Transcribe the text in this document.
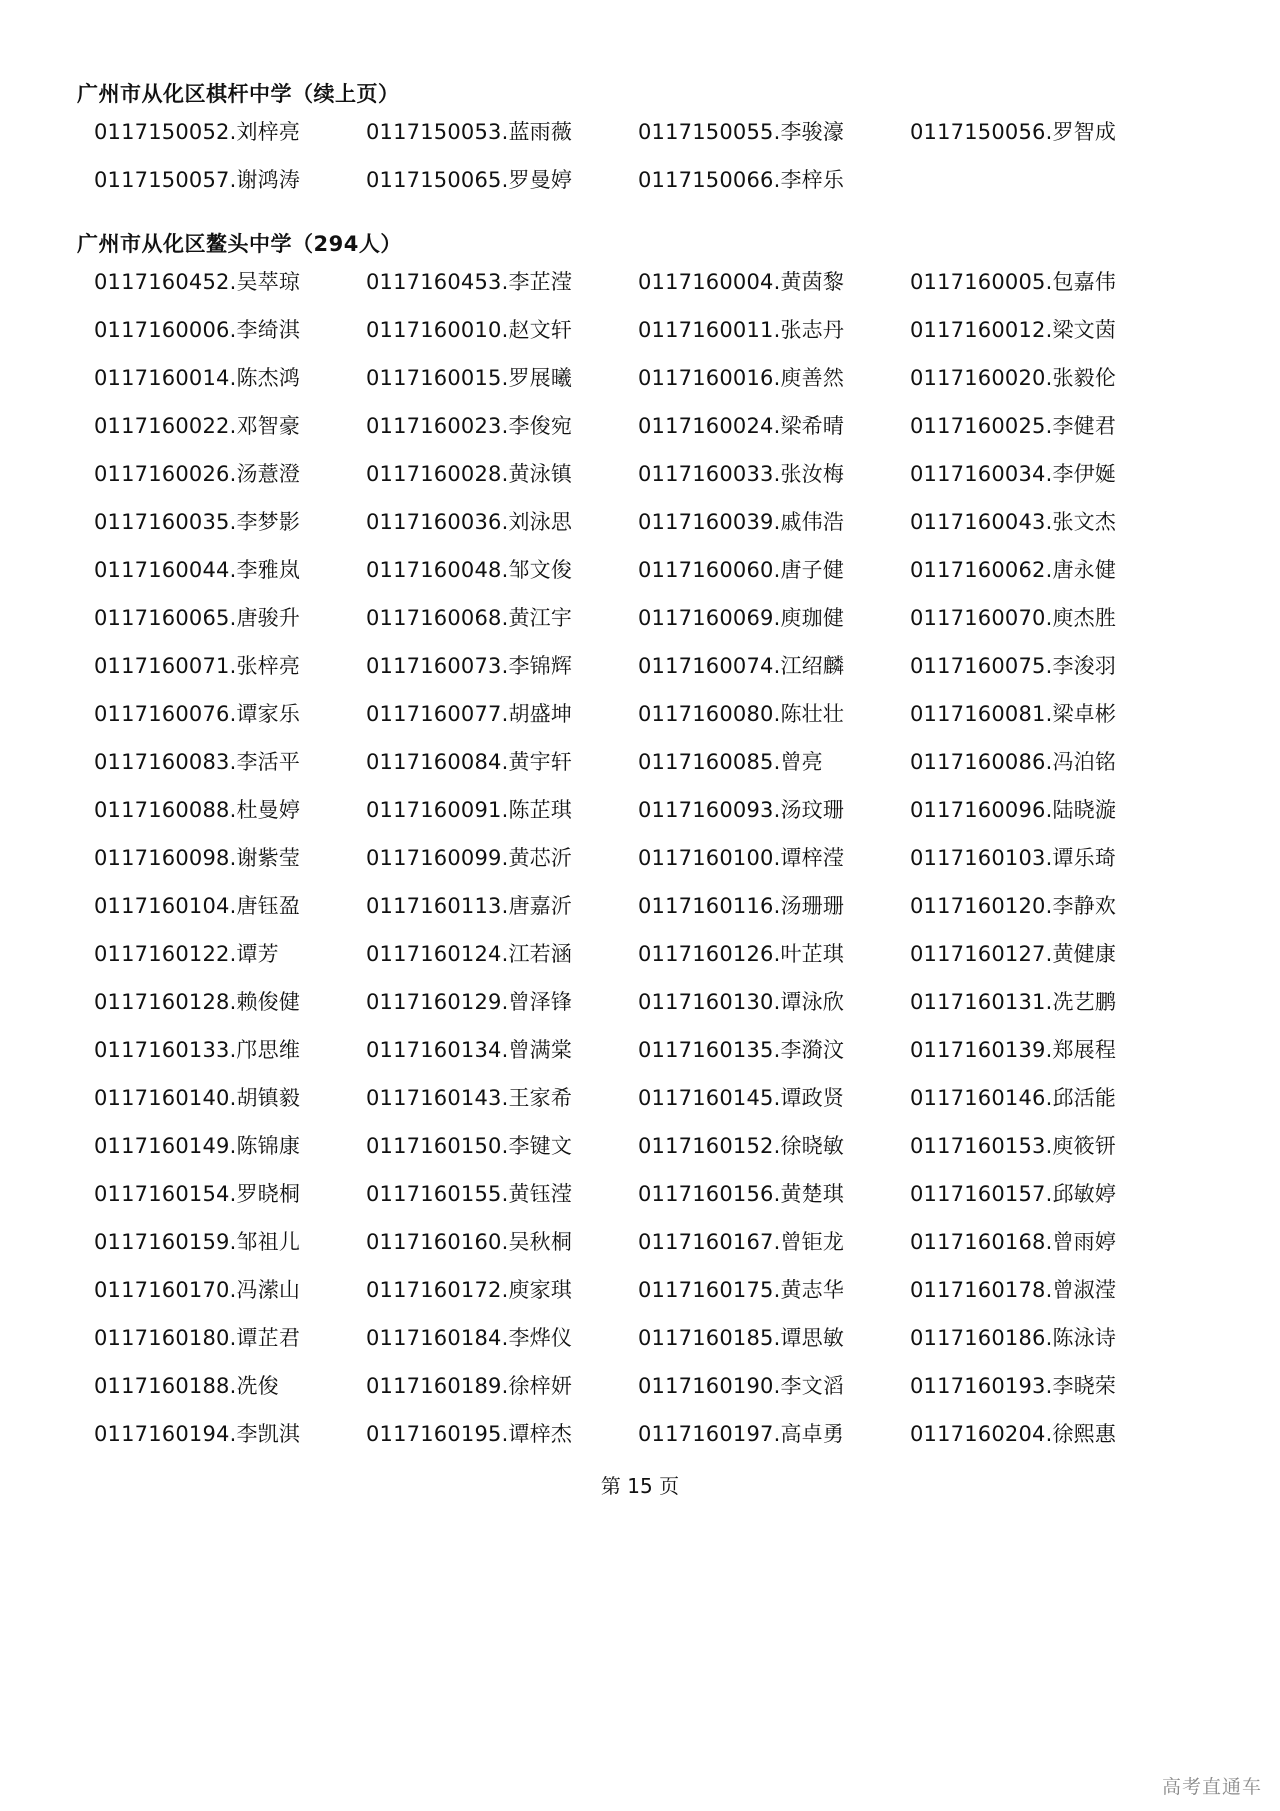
广州市从化区棋杆中学（续上页）
0117150052.刘梓亮	0117150053.蓝雨薇	0117150055.李骏濠	0117150056.罗智成
0117150057.谢鸿涛	0117150065.罗曼婷	0117150066.李梓乐
广州市从化区鳌头中学（294人）
0117160452.吴萃琼	0117160453.李芷滢	0117160004.黄茵黎	0117160005.包嘉伟
0117160006.李绮淇	0117160010.赵文轩	0117160011.张志丹	0117160012.梁文茵
0117160014.陈杰鸿	0117160015.罗展曦	0117160016.庾善然	0117160020.张毅伦
0117160022.邓智豪	0117160023.李俊宛	0117160024.梁希晴	0117160025.李健君
0117160026.汤薏澄	0117160028.黄泳镇	0117160033.张汝梅	0117160034.李伊娫
0117160035.李梦影	0117160036.刘泳思	0117160039.戚伟浩	0117160043.张文杰
0117160044.李雅岚	0117160048.邹文俊	0117160060.唐子健	0117160062.唐永健
0117160065.唐骏升	0117160068.黄江宇	0117160069.庾珈健	0117160070.庾杰胜
0117160071.张梓亮	0117160073.李锦辉	0117160074.江绍麟	0117160075.李浚羽
0117160076.谭家乐	0117160077.胡盛坤	0117160080.陈壮壮	0117160081.梁卓彬
0117160083.李活平	0117160084.黄宇轩	0117160085.曾亮	0117160086.冯泊铭
0117160088.杜曼婷	0117160091.陈芷琪	0117160093.汤玟珊	0117160096.陆晓漩
0117160098.谢紫莹	0117160099.黄芯沂	0117160100.谭梓滢	0117160103.谭乐琦
0117160104.唐钰盈	0117160113.唐嘉沂	0117160116.汤珊珊	0117160120.李静欢
0117160122.谭芳	0117160124.江若涵	0117160126.叶芷琪	0117160127.黄健康
0117160128.赖俊健	0117160129.曾泽锋	0117160130.谭泳欣	0117160131.冼艺鹏
0117160133.邝思维	0117160134.曾满棠	0117160135.李漪汶	0117160139.郑展程
0117160140.胡镇毅	0117160143.王家希	0117160145.谭政贤	0117160146.邱活能
0117160149.陈锦康	0117160150.李键文	0117160152.徐晓敏	0117160153.庾筱钘
0117160154.罗晓桐	0117160155.黄钰滢	0117160156.黄楚琪	0117160157.邱敏婷
0117160159.邹祖儿	0117160160.吴秋桐	0117160167.曾钜龙	0117160168.曾雨婷
0117160170.冯潆山	0117160172.庾家琪	0117160175.黄志华	0117160178.曾淑滢
0117160180.谭芷君	0117160184.李烨仪	0117160185.谭思敏	0117160186.陈泳诗
0117160188.冼俊	0117160189.徐梓妍	0117160190.李文滔	0117160193.李晓荣
0117160194.李凯淇	0117160195.谭梓杰	0117160197.高卓勇	0117160204.徐熙惠
第 15 页
高考直通车
